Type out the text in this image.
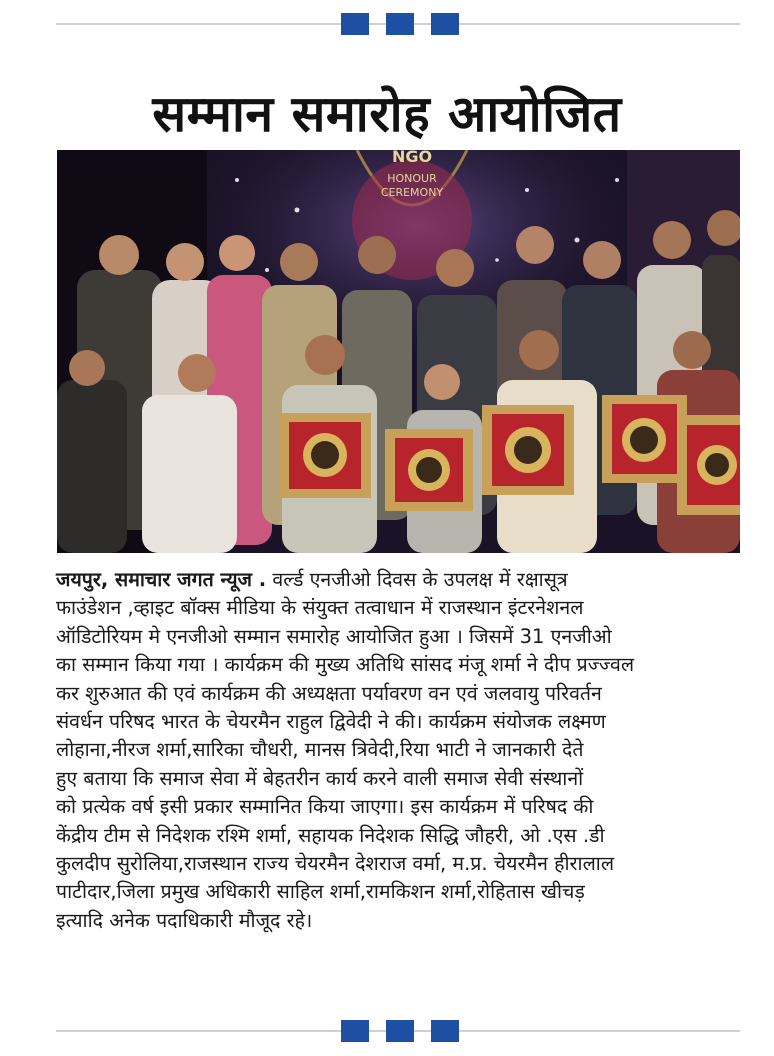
सम्मान समारोह आयोजित
NGO
HONOUR
CEREMONY
जयपुर, समाचार जगत न्यूज . वर्ल्ड एनजीओ दिवस के उपलक्ष में रक्षासूत्र
फाउंडेशन ,व्हाइट बॉक्स मीडिया के संयुक्त तत्वाधान में राजस्थान इंटरनेशनल
ऑडिटोरियम मे एनजीओ सम्मान समारोह आयोजित हुआ । जिसमें 31 एनजीओ
का सम्मान किया गया । कार्यक्रम की मुख्य अतिथि सांसद मंजू शर्मा ने दीप प्रज्ज्वल
कर शुरुआत की एवं कार्यक्रम की अध्यक्षता पर्यावरण वन एवं जलवायु परिवर्तन
संवर्धन परिषद भारत के चेयरमैन राहुल द्विवेदी ने की। कार्यक्रम संयोजक लक्ष्मण
लोहाना,नीरज शर्मा,सारिका चौधरी, मानस त्रिवेदी,रिया भाटी ने जानकारी देते
हुए बताया कि समाज सेवा में बेहतरीन कार्य करने वाली समाज सेवी संस्थानों
को प्रत्येक वर्ष इसी प्रकार सम्मानित किया जाएगा। इस कार्यक्रम में परिषद की
केंद्रीय टीम से निदेशक रश्मि शर्मा, सहायक निदेशक सिद्धि जौहरी, ओ .एस .डी
कुलदीप सुरोलिया,राजस्थान राज्य चेयरमैन देशराज वर्मा, म.प्र. चेयरमैन हीरालाल
पाटीदार,जिला प्रमुख अधिकारी साहिल शर्मा,रामकिशन शर्मा,रोहितास खीचड़
इत्यादि अनेक पदाधिकारी मौजूद रहे।
